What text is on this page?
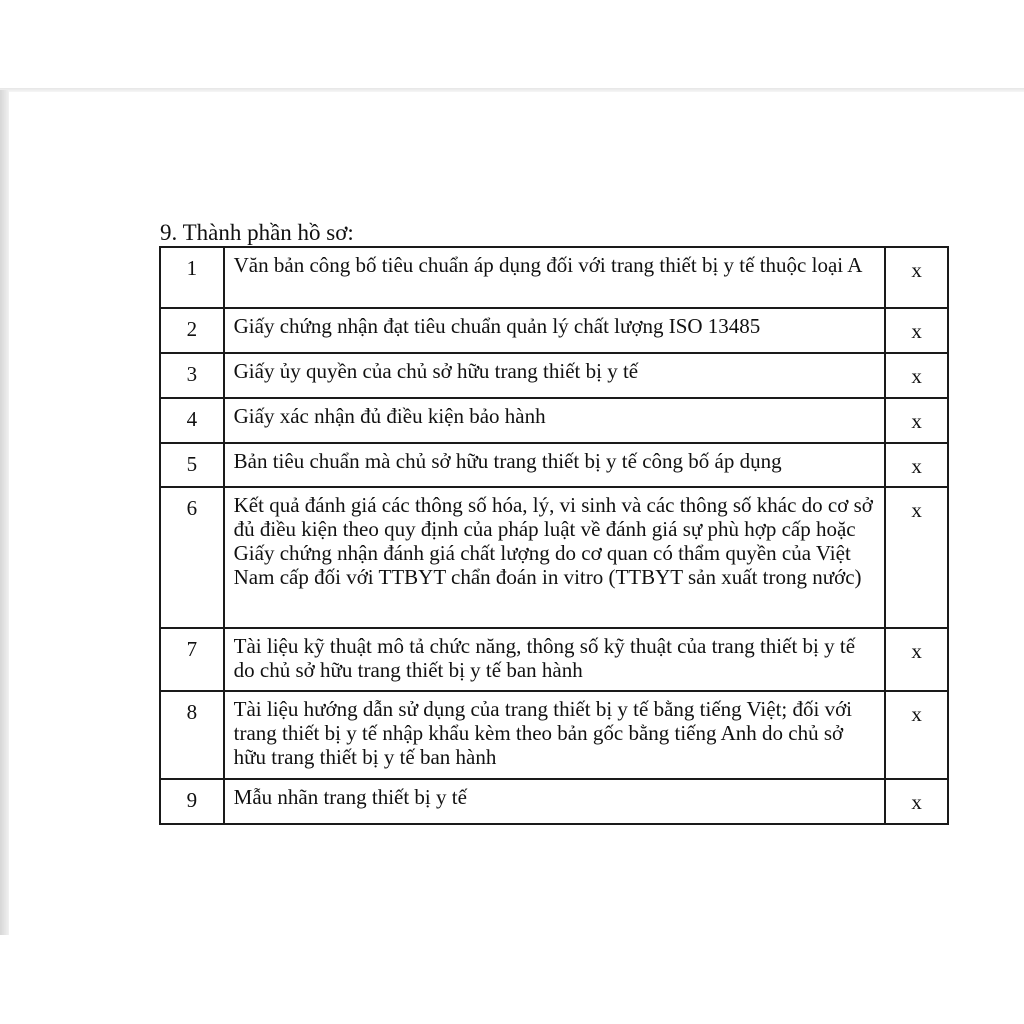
9. Thành phần hồ sơ:
1	Văn bản công bố tiêu chuẩn áp dụng đối với trang thiết bị y tế thuộc loại A	x
2	Giấy chứng nhận đạt tiêu chuẩn quản lý chất lượng ISO 13485	x
3	Giấy ủy quyền của chủ sở hữu trang thiết bị y tế	x
4	Giấy xác nhận đủ điều kiện bảo hành	x
5	Bản tiêu chuẩn mà chủ sở hữu trang thiết bị y tế công bố áp dụng	x
6	Kết quả đánh giá các thông số hóa, lý, vi sinh và các thông số khác do cơ sở đủ điều kiện theo quy định của pháp luật về đánh giá sự phù hợp cấp hoặc Giấy chứng nhận đánh giá chất lượng do cơ quan có thẩm quyền của Việt Nam cấp đối với TTBYT chẩn đoán in vitro (TTBYT sản xuất trong nước)	x
7	Tài liệu kỹ thuật mô tả chức năng, thông số kỹ thuật của trang thiết bị y tế do chủ sở hữu trang thiết bị y tế ban hành	x
8	Tài liệu hướng dẫn sử dụng của trang thiết bị y tế bằng tiếng Việt; đối với trang thiết bị y tế nhập khẩu kèm theo bản gốc bằng tiếng Anh do chủ sở hữu trang thiết bị y tế ban hành	x
9	Mẫu nhãn trang thiết bị y tế	x
